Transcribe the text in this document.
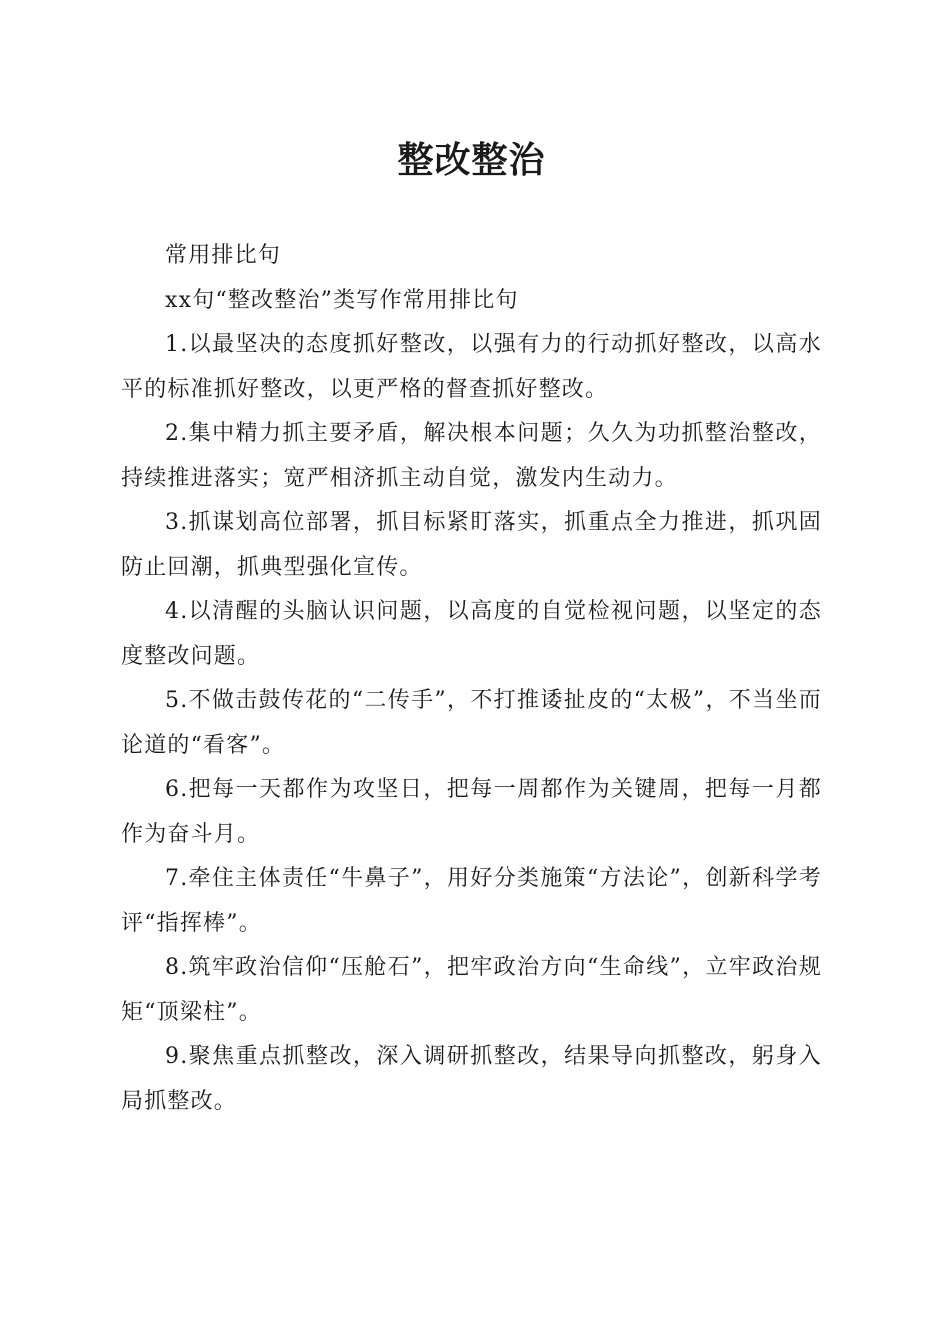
整改整治

常用排比句

xx句“整改整治”类写作常用排比句

1.以最坚决的态度抓好整改，以强有力的行动抓好整改，以高水平的标准抓好整改，以更严格的督查抓好整改。

2.集中精力抓主要矛盾，解决根本问题；久久为功抓整治整改，持续推进落实；宽严相济抓主动自觉，激发内生动力。

3.抓谋划高位部署，抓目标紧盯落实，抓重点全力推进，抓巩固防止回潮，抓典型强化宣传。

4.以清醒的头脑认识问题，以高度的自觉检视问题，以坚定的态度整改问题。

5.不做击鼓传花的“二传手”，不打推诿扯皮的“太极”，不当坐而论道的“看客”。

6.把每一天都作为攻坚日，把每一周都作为关键周，把每一月都作为奋斗月。

7.牵住主体责任“牛鼻子”，用好分类施策“方法论”，创新科学考评“指挥棒”。

8.筑牢政治信仰“压舱石”，把牢政治方向“生命线”，立牢政治规矩“顶梁柱”。

9.聚焦重点抓整改，深入调研抓整改，结果导向抓整改，躬身入局抓整改。
